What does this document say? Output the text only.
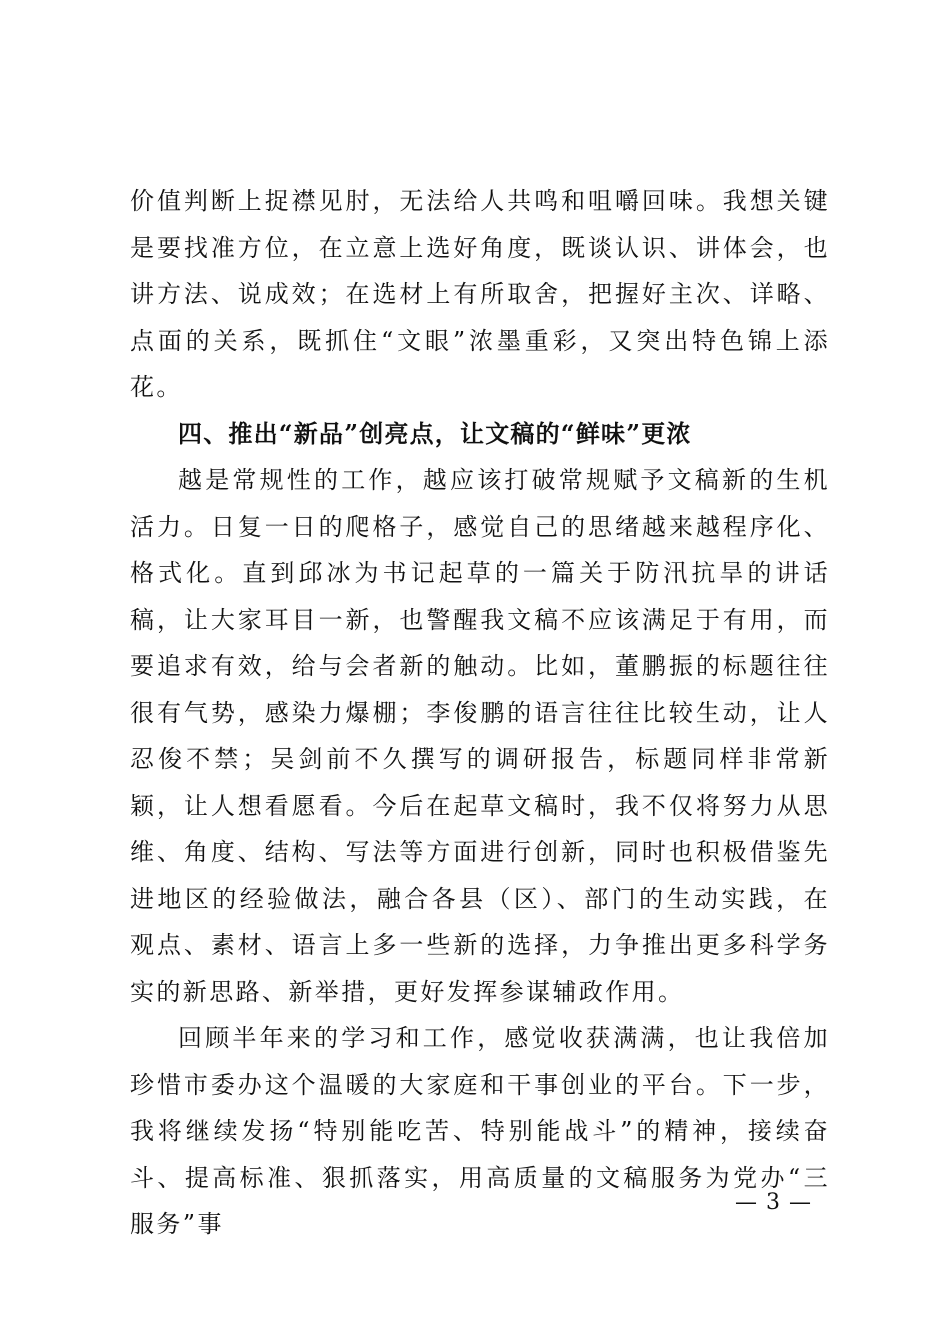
价值判断上捉襟见肘，无法给人共鸣和咀嚼回味。我想关键是要找准方位，在立意上选好角度，既谈认识、讲体会，也讲方法、说成效；在选材上有所取舍，把握好主次、详略、点面的关系，既抓住“文眼”浓墨重彩，又突出特色锦上添花。

四、推出“新品”创亮点，让文稿的“鲜味”更浓

越是常规性的工作，越应该打破常规赋予文稿新的生机活力。日复一日的爬格子，感觉自己的思绪越来越程序化、格式化。直到邱冰为书记起草的一篇关于防汛抗旱的讲话稿，让大家耳目一新，也警醒我文稿不应该满足于有用，而要追求有效，给与会者新的触动。比如，董鹏振的标题往往很有气势，感染力爆棚；李俊鹏的语言往往比较生动，让人忍俊不禁；吴剑前不久撰写的调研报告，标题同样非常新颖，让人想看愿看。今后在起草文稿时，我不仅将努力从思维、角度、结构、写法等方面进行创新，同时也积极借鉴先进地区的经验做法，融合各县（区）、部门的生动实践，在观点、素材、语言上多一些新的选择，力争推出更多科学务实的新思路、新举措，更好发挥参谋辅政作用。

回顾半年来的学习和工作，感觉收获满满，也让我倍加珍惜市委办这个温暖的大家庭和干事创业的平台。下一步，我将继续发扬“特别能吃苦、特别能战斗”的精神，接续奋斗、提高标准、狠抓落实，用高质量的文稿服务为党办“三服务”事

— 3 —
